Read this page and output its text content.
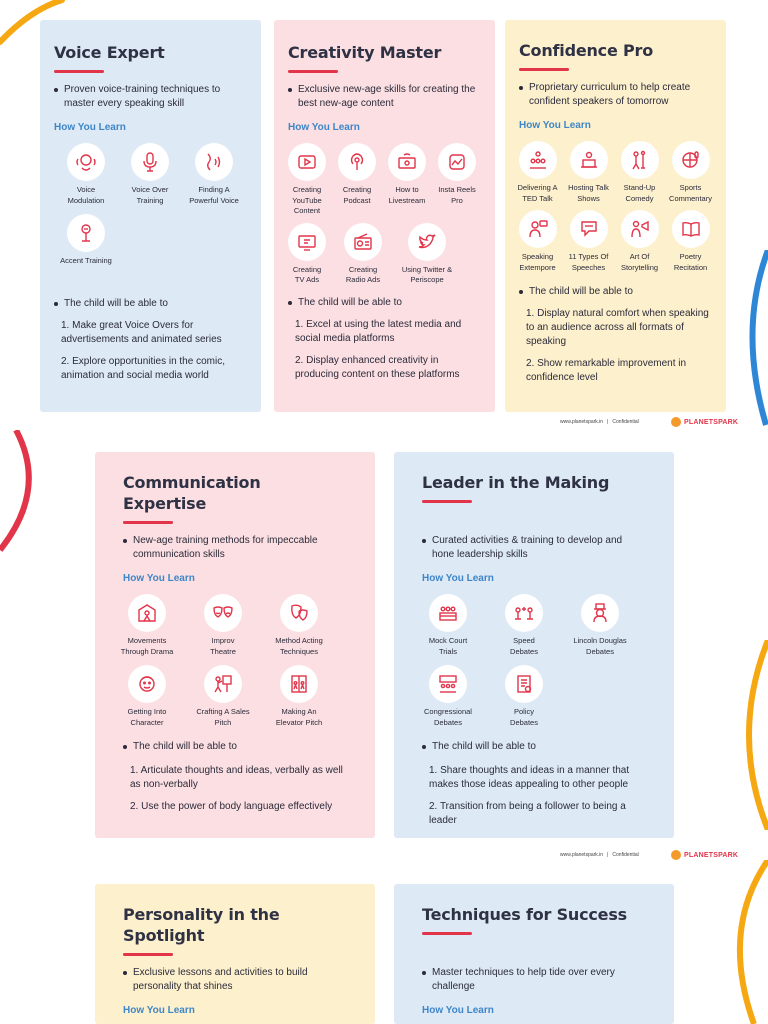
Voice Expert
Proven voice-training techniques to master every speaking skill
How You Learn
Voice
Modulation
Voice Over
Training
Finding A
Powerful Voice
Accent Training
The child will be able to
1. Make great Voice Overs for advertisements and animated series
2. Explore opportunities in the comic, animation and social media world
Creativity Master
Exclusive new-age skills for creating the best new-age content
How You Learn
Creating
YouTube
Content
Creating
Podcast
How to
Livestream
Insta Reels
Pro
Creating
TV Ads
Creating
Radio Ads
Using Twitter &
Periscope
The child will be able to
1. Excel at using the latest media and social media platforms
2. Display enhanced creativity in producing content on these platforms
Confidence Pro
Proprietary curriculum to help create confident speakers of tomorrow
How You Learn
Delivering A
TED Talk
Hosting Talk
Shows
Stand-Up
Comedy
Sports
Commentary
Speaking
Extempore
11 Types Of
Speeches
Art Of
Storytelling
Poetry
Recitation
The child will be able to
1. Display natural comfort when speaking to an audience across all formats of speaking
2. Show remarkable improvement in confidence level
www.planetspark.in | Confidential	PLANETSPARK
Communication Expertise
New-age training methods for impeccable communication skills
How You Learn
Movements
Through Drama
Improv
Theatre
Method Acting
Techniques
Getting Into
Character
Crafting A Sales
Pitch
Making An
Elevator Pitch
The child will be able to
1. Articulate thoughts and ideas, verbally as well as non-verbally
2. Use the power of body language effectively
Leader in the Making
Curated activities & training to develop and hone leadership skills
How You Learn
Mock Court
Trials
Speed
Debates
Lincoln Douglas
Debates
Congressional
Debates
Policy
Debates
The child will be able to
1. Share thoughts and ideas in a manner that makes those ideas appealing to other people
2. Transition from being a follower to being a leader
www.planetspark.in | Confidential	PLANETSPARK
Personality in the Spotlight
Exclusive lessons and activities to build personality that shines
How You Learn
Techniques for Success
Master techniques to help tide over every challenge
How You Learn
